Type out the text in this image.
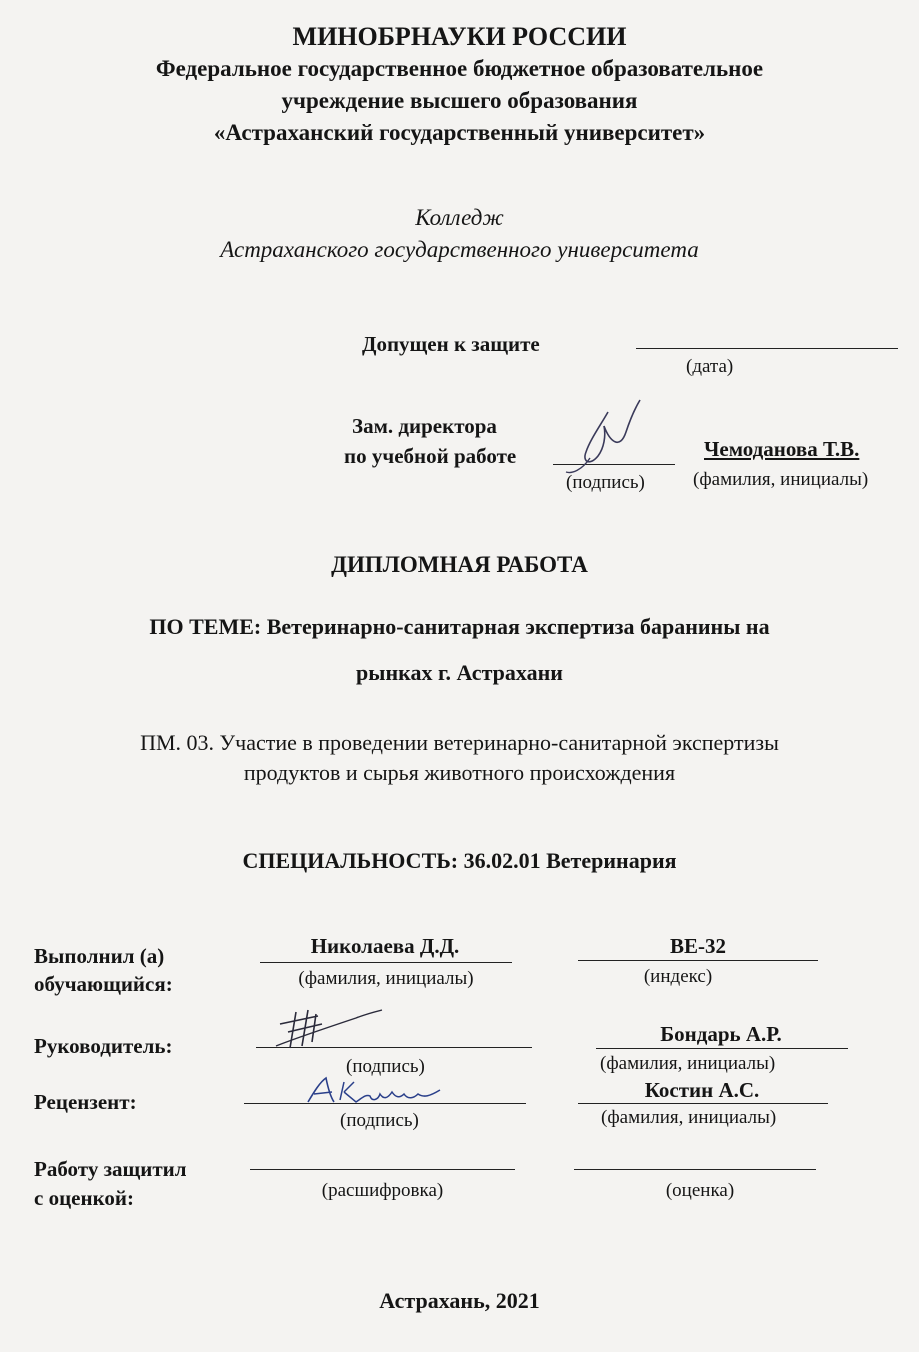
МИНОБРНАУКИ РОССИИ
Федеральное государственное бюджетное образовательное
учреждение высшего образования
«Астраханский государственный университет»
Колледж
Астраханского государственного университета
Допущен к защите
(дата)
Зам. директора
по учебной работе
(подпись)
Чемоданова Т.В.
(фамилия, инициалы)
ДИПЛОМНАЯ РАБОТА
ПО ТЕМЕ: Ветеринарно-санитарная экспертиза баранины на
рынках г. Астрахани
ПМ. 03. Участие в проведении ветеринарно-санитарной экспертизы
продуктов и сырья животного происхождения
СПЕЦИАЛЬНОСТЬ: 36.02.01 Ветеринария
Выполнил (а)
обучающийся:
Николаева Д.Д.
(фамилия, инициалы)
ВЕ-32
(индекс)
Руководитель:
(подпись)
Бондарь А.Р.
(фамилия, инициалы)
Рецензент:
(подпись)
Костин А.С.
(фамилия, инициалы)
Работу защитил
с оценкой:	(расшифровка)	(оценка)
Астрахань, 2021
